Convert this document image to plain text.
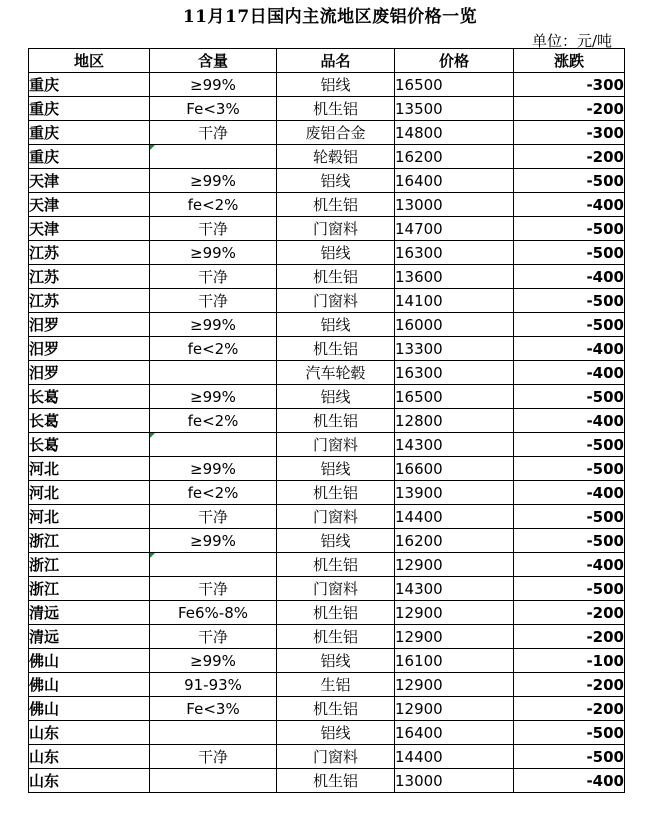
11月17日国内主流地区废铝价格一览
单位：元/吨
地区	含量	品名	价格	涨跌
重庆	≥99%	铝线	16500	-300
重庆	Fe<3%	机生铝	13500	-200
重庆	干净	废铝合金	14800	-300
重庆		轮毂铝	16200	-200
天津	≥99%	铝线	16400	-500
天津	fe<2%	机生铝	13000	-400
天津	干净	门窗料	14700	-500
江苏	≥99%	铝线	16300	-500
江苏	干净	机生铝	13600	-400
江苏	干净	门窗料	14100	-500
汨罗	≥99%	铝线	16000	-500
汨罗	fe<2%	机生铝	13300	-400
汨罗		汽车轮毂	16300	-400
长葛	≥99%	铝线	16500	-500
长葛	fe<2%	机生铝	12800	-400
长葛		门窗料	14300	-500
河北	≥99%	铝线	16600	-500
河北	fe<2%	机生铝	13900	-400
河北	干净	门窗料	14400	-500
浙江	≥99%	铝线	16200	-500
浙江		机生铝	12900	-400
浙江	干净	门窗料	14300	-500
清远	Fe6%-8%	机生铝	12900	-200
清远	干净	机生铝	12900	-200
佛山	≥99%	铝线	16100	-100
佛山	91-93%	生铝	12900	-200
佛山	Fe<3%	机生铝	12900	-200
山东		铝线	16400	-500
山东	干净	门窗料	14400	-500
山东		机生铝	13000	-400
